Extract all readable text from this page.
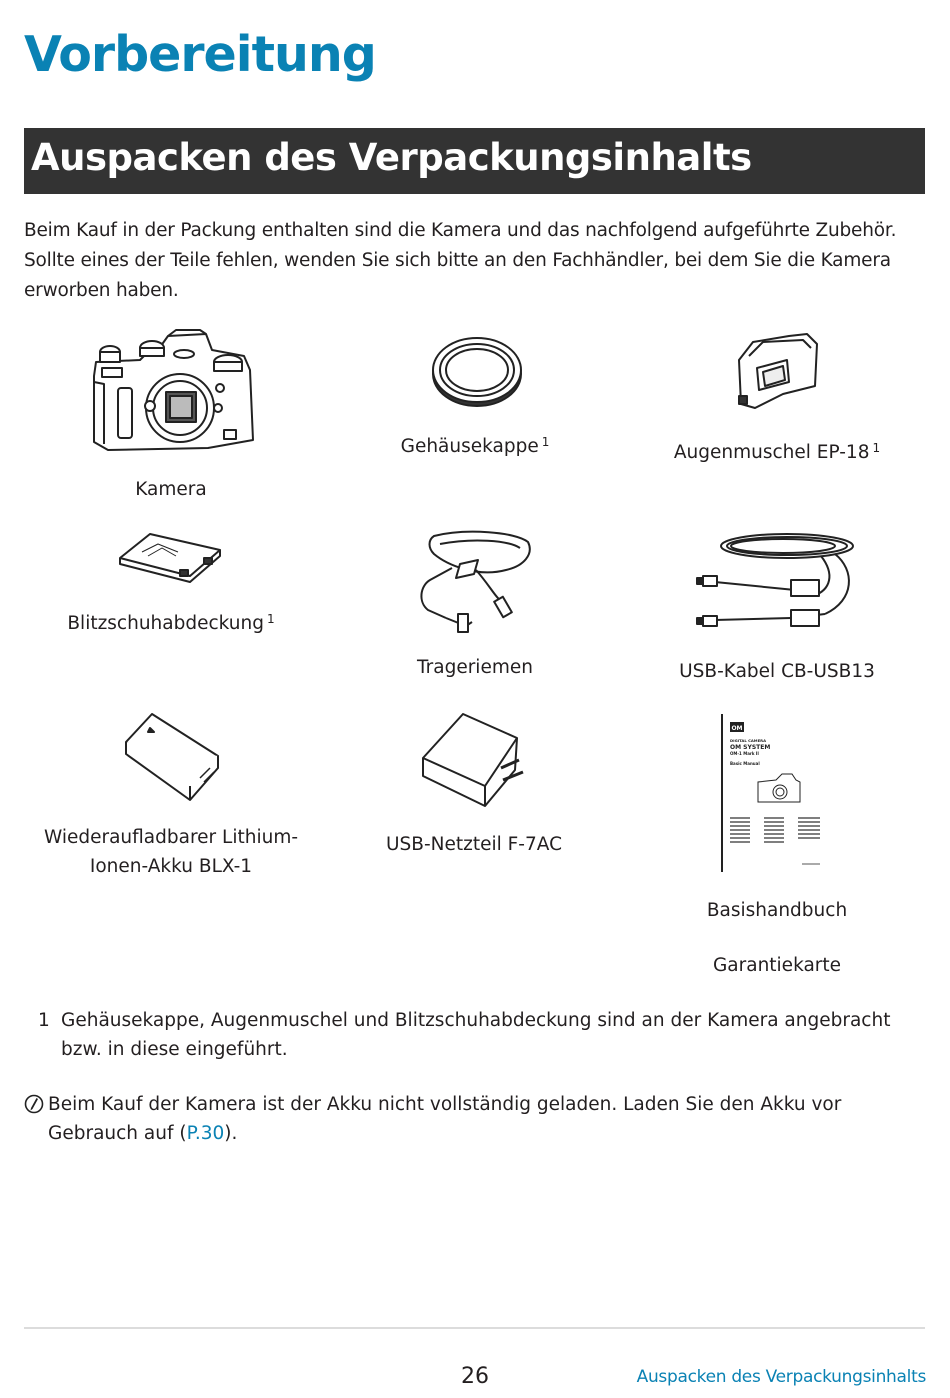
Vorbereitung
Auspacken des Verpackungsinhalts

Beim Kauf in der Packung enthalten sind die Kamera und das nachfolgend aufgeführte Zubehör. Sollte eines der Teile fehlen, wenden Sie sich bitte an den Fachhändler, bei dem Sie die Kamera erworben haben.

Kamera
Gehäusekappe $^1$	Augenmuschel EP-18 $^1$
Blitzschuhabdeckung $^1$
Trageriemen	USB-Kabel CB-USB13
Wiederaufladbarer Lithium-Ionen-Akku BLX-1
USB-Netzteil F-7AC
OM
DIGITAL CAMERA
OM SYSTEM
OM-1 Mark II
Basic Manual
Basishandbuch
Garantiekarte
1 Gehäusekappe, Augenmuschel und Blitzschuhabdeckung sind an der Kamera angebracht bzw. in diese eingeführt.
Beim Kauf der Kamera ist der Akku nicht vollständig geladen. Laden Sie den Akku vor Gebrauch auf (P.30).
26	Auspacken des Verpackungsinhalts
